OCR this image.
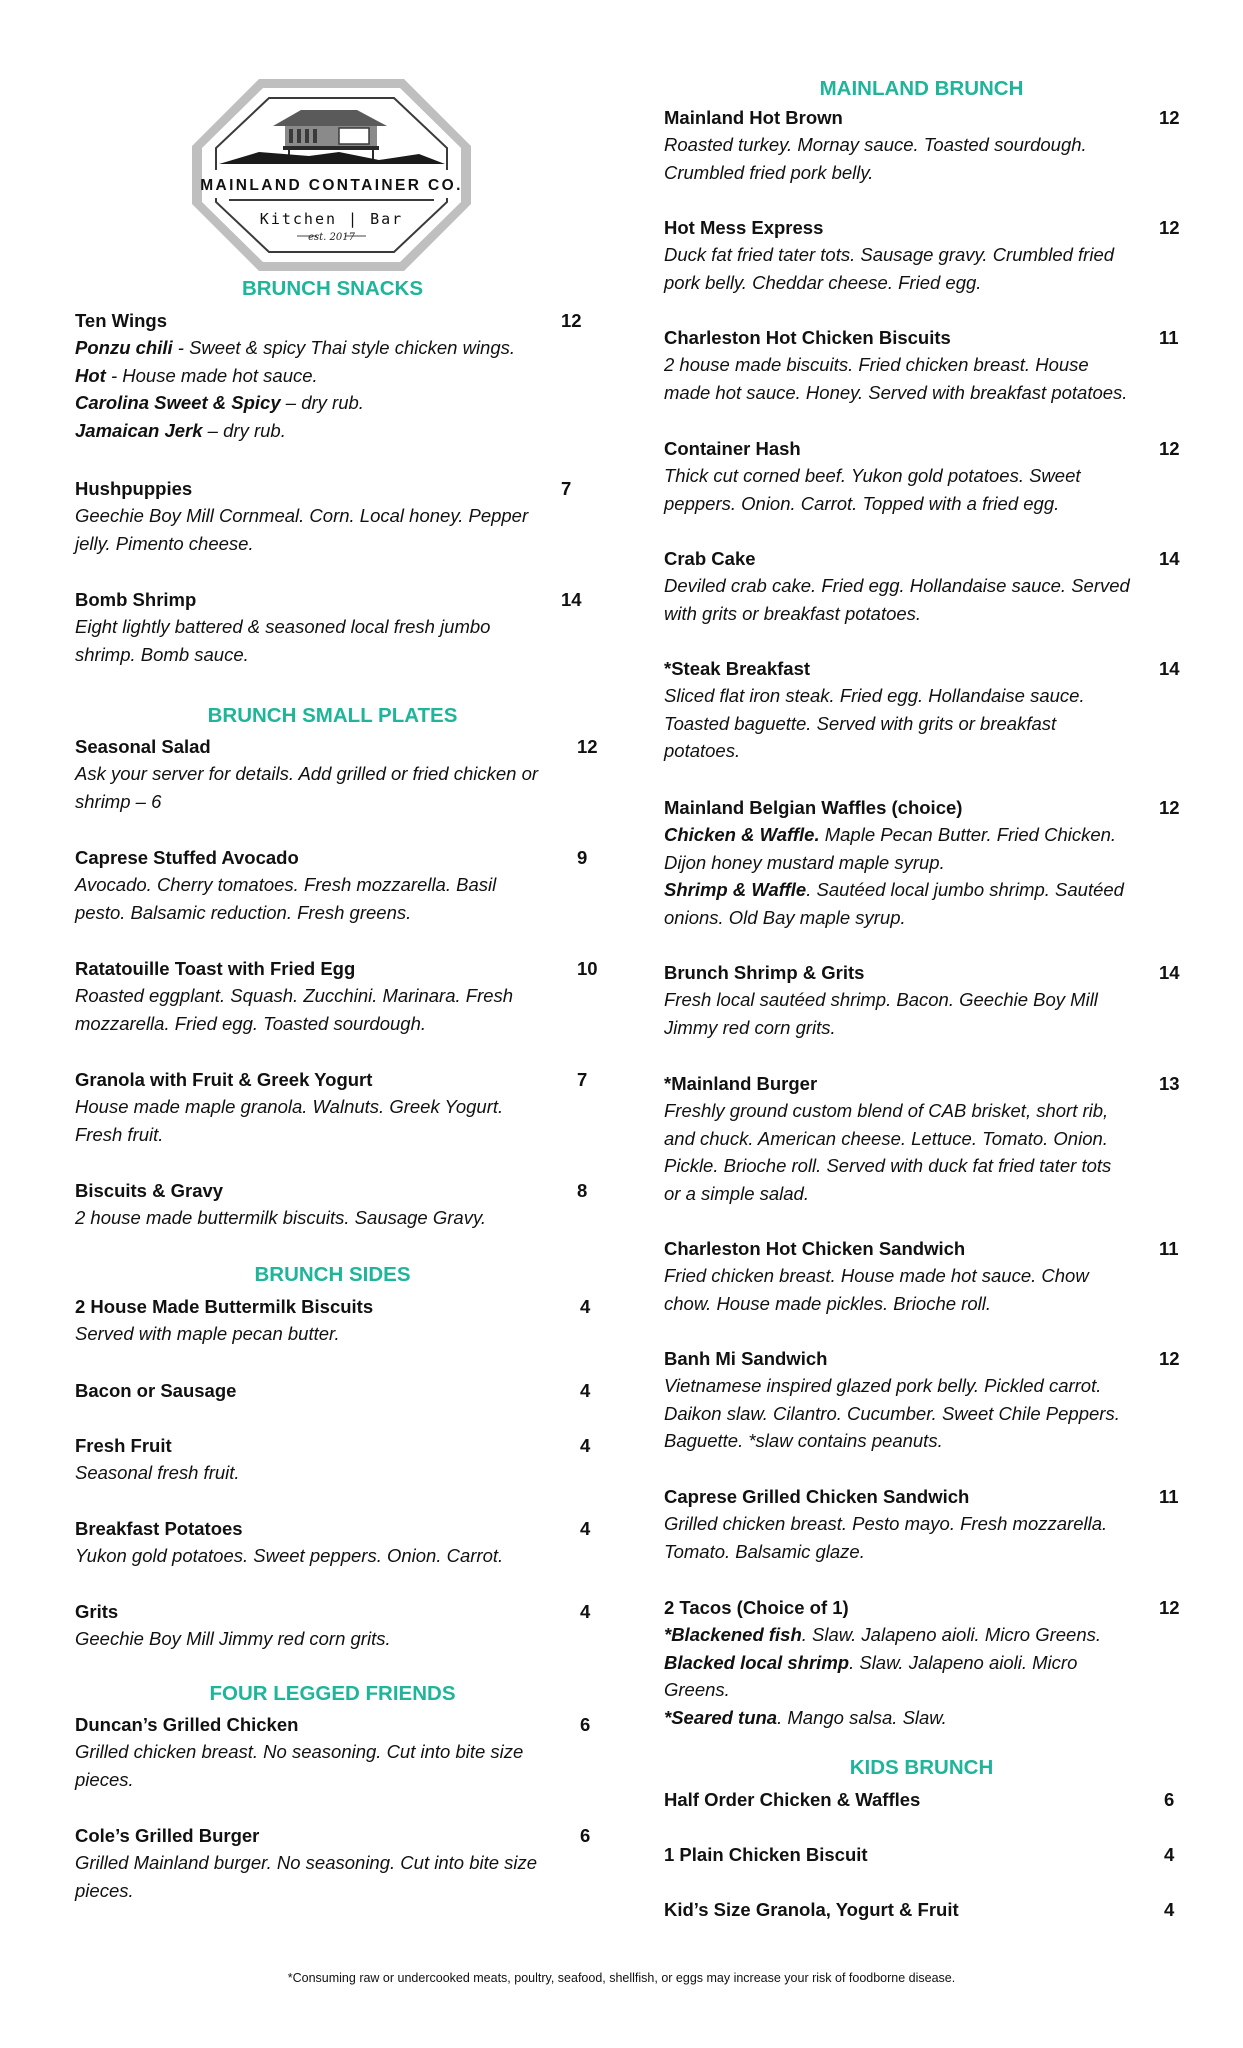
MAINLAND CONTAINER CO.
Kitchen | Bar
est. 2017
BRUNCH SNACKS
Ten Wings	12
Ponzu chili - Sweet & spicy Thai style chicken wings.
Hot - House made hot sauce.
Carolina Sweet & Spicy – dry rub.
Jamaican Jerk – dry rub.
Hushpuppies	7
Geechie Boy Mill Cornmeal. Corn. Local honey. Pepper
jelly. Pimento cheese.
Bomb Shrimp	14
Eight lightly battered & seasoned local fresh jumbo
shrimp. Bomb sauce.
BRUNCH SMALL PLATES
Seasonal Salad	12
Ask your server for details. Add grilled or fried chicken or
shrimp – 6
Caprese Stuffed Avocado	9
Avocado. Cherry tomatoes. Fresh mozzarella. Basil
pesto. Balsamic reduction. Fresh greens.
Ratatouille Toast with Fried Egg	10
Roasted eggplant. Squash. Zucchini. Marinara. Fresh
mozzarella. Fried egg. Toasted sourdough.
Granola with Fruit & Greek Yogurt	7
House made maple granola. Walnuts. Greek Yogurt.
Fresh fruit.
Biscuits & Gravy	8
2 house made buttermilk biscuits. Sausage Gravy.
BRUNCH SIDES
2 House Made Buttermilk Biscuits	4
Served with maple pecan butter.
Bacon or Sausage	4
Fresh Fruit	4
Seasonal fresh fruit.
Breakfast Potatoes	4
Yukon gold potatoes. Sweet peppers. Onion. Carrot.
Grits	4
Geechie Boy Mill Jimmy red corn grits.
FOUR LEGGED FRIENDS
Duncan’s Grilled Chicken	6
Grilled chicken breast. No seasoning. Cut into bite size
pieces.
Cole’s Grilled Burger	6
Grilled Mainland burger. No seasoning. Cut into bite size
pieces.
MAINLAND BRUNCH
Mainland Hot Brown	12
Roasted turkey. Mornay sauce. Toasted sourdough.
Crumbled fried pork belly.
Hot Mess Express	12
Duck fat fried tater tots. Sausage gravy. Crumbled fried
pork belly. Cheddar cheese. Fried egg.
Charleston Hot Chicken Biscuits	11
2 house made biscuits. Fried chicken breast. House
made hot sauce. Honey. Served with breakfast potatoes.
Container Hash	12
Thick cut corned beef. Yukon gold potatoes. Sweet
peppers. Onion. Carrot. Topped with a fried egg.
Crab Cake	14
Deviled crab cake. Fried egg. Hollandaise sauce. Served
with grits or breakfast potatoes.
*Steak Breakfast	14
Sliced flat iron steak. Fried egg. Hollandaise sauce.
Toasted baguette. Served with grits or breakfast
potatoes.
Mainland Belgian Waffles (choice)	12
Chicken & Waffle. Maple Pecan Butter. Fried Chicken.
Dijon honey mustard maple syrup.
Shrimp & Waffle. Sautéed local jumbo shrimp. Sautéed
onions. Old Bay maple syrup.
Brunch Shrimp & Grits	14
Fresh local sautéed shrimp. Bacon. Geechie Boy Mill
Jimmy red corn grits.
*Mainland Burger	13
Freshly ground custom blend of CAB brisket, short rib,
and chuck. American cheese. Lettuce. Tomato. Onion.
Pickle. Brioche roll. Served with duck fat fried tater tots
or a simple salad.
Charleston Hot Chicken Sandwich	11
Fried chicken breast. House made hot sauce. Chow
chow. House made pickles. Brioche roll.
Banh Mi Sandwich	12
Vietnamese inspired glazed pork belly. Pickled carrot.
Daikon slaw. Cilantro. Cucumber. Sweet Chile Peppers.
Baguette. *slaw contains peanuts.
Caprese Grilled Chicken Sandwich	11
Grilled chicken breast. Pesto mayo. Fresh mozzarella.
Tomato. Balsamic glaze.
2 Tacos (Choice of 1)	12
*Blackened fish. Slaw. Jalapeno aioli. Micro Greens.
Blacked local shrimp. Slaw. Jalapeno aioli. Micro
Greens.
*Seared tuna. Mango salsa. Slaw.
KIDS BRUNCH
Half Order Chicken & Waffles	6
1 Plain Chicken Biscuit	4
Kid’s Size Granola, Yogurt & Fruit	4
*Consuming raw or undercooked meats, poultry, seafood, shellfish, or eggs may increase your risk of foodborne disease.
